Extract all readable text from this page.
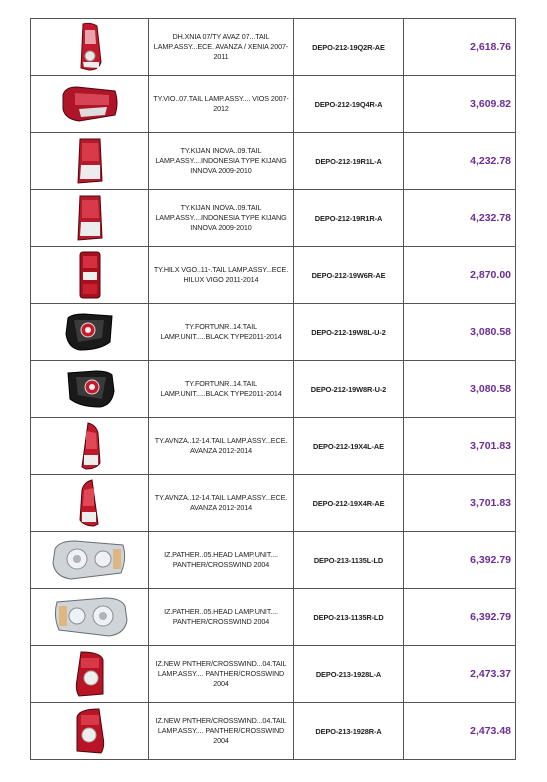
	DH.XNIA 07/TY AVAZ 07...TAIL LAMP.ASSY...ECE. AVANZA / XENIA 2007-2011	DEPO-212-19Q2R-AE	2,618.76

	TY.VIO..07.TAIL LAMP.ASSY.... VIOS 2007-2012	DEPO-212-19Q4R-A	3,609.82

	TY.KIJAN INOVA..09.TAIL LAMP.ASSY....INDONESIA TYPE KIJANG INNOVA 2009-2010	DEPO-212-19R1L-A	4,232.78

	TY.KIJAN INOVA..09.TAIL LAMP.ASSY....INDONESIA TYPE KIJANG INNOVA 2009-2010	DEPO-212-19R1R-A	4,232.78

	TY.HILX VGO..11-.TAIL LAMP.ASSY...ECE. HILUX VIGO 2011-2014	DEPO-212-19W6R-AE	2,870.00

	TY.FORTUNR..14.TAIL LAMP.UNIT.....BLACK TYPE2011-2014	DEPO-212-19W8L-U-2	3,080.58

	TY.FORTUNR..14.TAIL LAMP.UNIT.....BLACK TYPE2011-2014	DEPO-212-19W8R-U-2	3,080.58

	TY.AVNZA..12-14.TAIL LAMP.ASSY...ECE. AVANZA 2012-2014	DEPO-212-19X4L-AE	3,701.83

	TY.AVNZA..12-14.TAIL LAMP.ASSY...ECE. AVANZA 2012-2014	DEPO-212-19X4R-AE	3,701.83

	IZ.PATHER..05.HEAD LAMP.UNIT.... PANTHER/CROSSWIND 2004	DEPO-213-1135L-LD	6,392.79

	IZ.PATHER..05.HEAD LAMP.UNIT.... PANTHER/CROSSWIND 2004	DEPO-213-1135R-LD	6,392.79

	IZ.NEW PNTHER/CROSSWIND...04.TAIL LAMP.ASSY.... PANTHER/CROSSWIND 2004	DEPO-213-1928L-A	2,473.37

	IZ.NEW PNTHER/CROSSWIND...04.TAIL LAMP.ASSY.... PANTHER/CROSSWIND 2004	DEPO-213-1928R-A	2,473.48
